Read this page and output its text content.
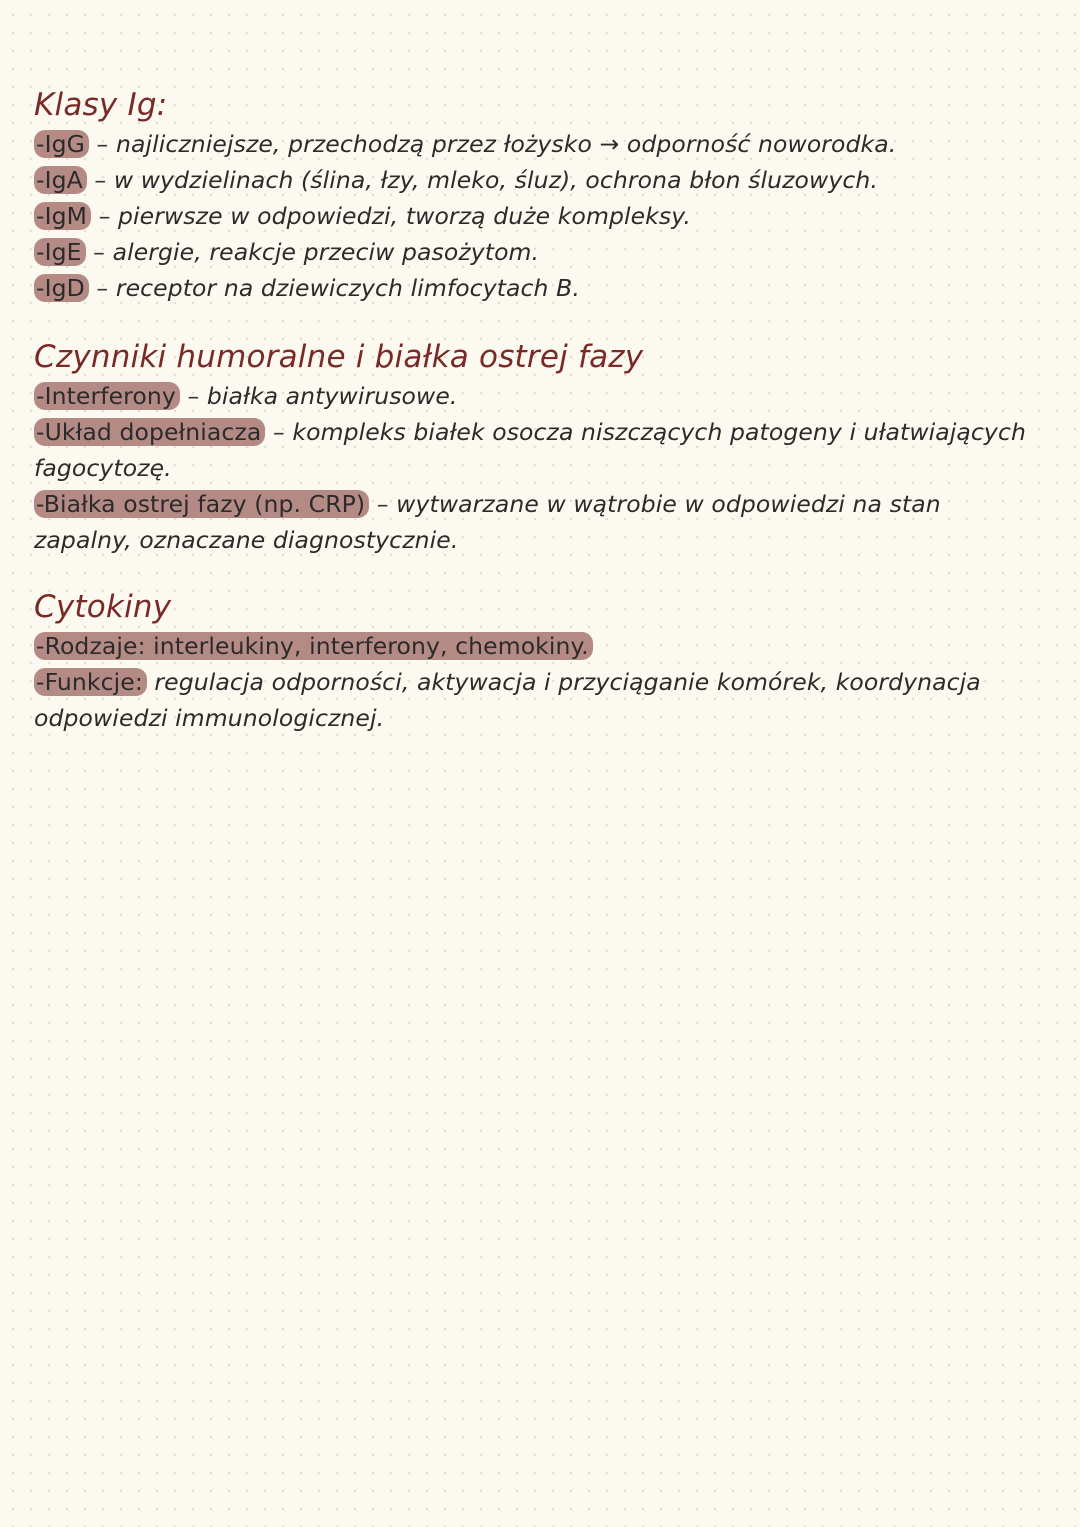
Klasy Ig:
-IgG – najliczniejsze, przechodzą przez łożysko → odporność noworodka.
-IgA – w wydzielinach (ślina, łzy, mleko, śluz), ochrona błon śluzowych.
-IgM – pierwsze w odpowiedzi, tworzą duże kompleksy.
-IgE – alergie, reakcje przeciw pasożytom.
-IgD – receptor na dziewiczych limfocytach B.
Czynniki humoralne i białka ostrej fazy
-Interferony – białka antywirusowe.
-Układ dopełniacza – kompleks białek osocza niszczących patogeny i ułatwiających fagocytozę.
-Białka ostrej fazy (np. CRP) – wytwarzane w wątrobie w odpowiedzi na stan zapalny, oznaczane diagnostycznie.
Cytokiny
-Rodzaje: interleukiny, interferony, chemokiny.
-Funkcje: regulacja odporności, aktywacja i przyciąganie komórek, koordynacja odpowiedzi immunologicznej.
